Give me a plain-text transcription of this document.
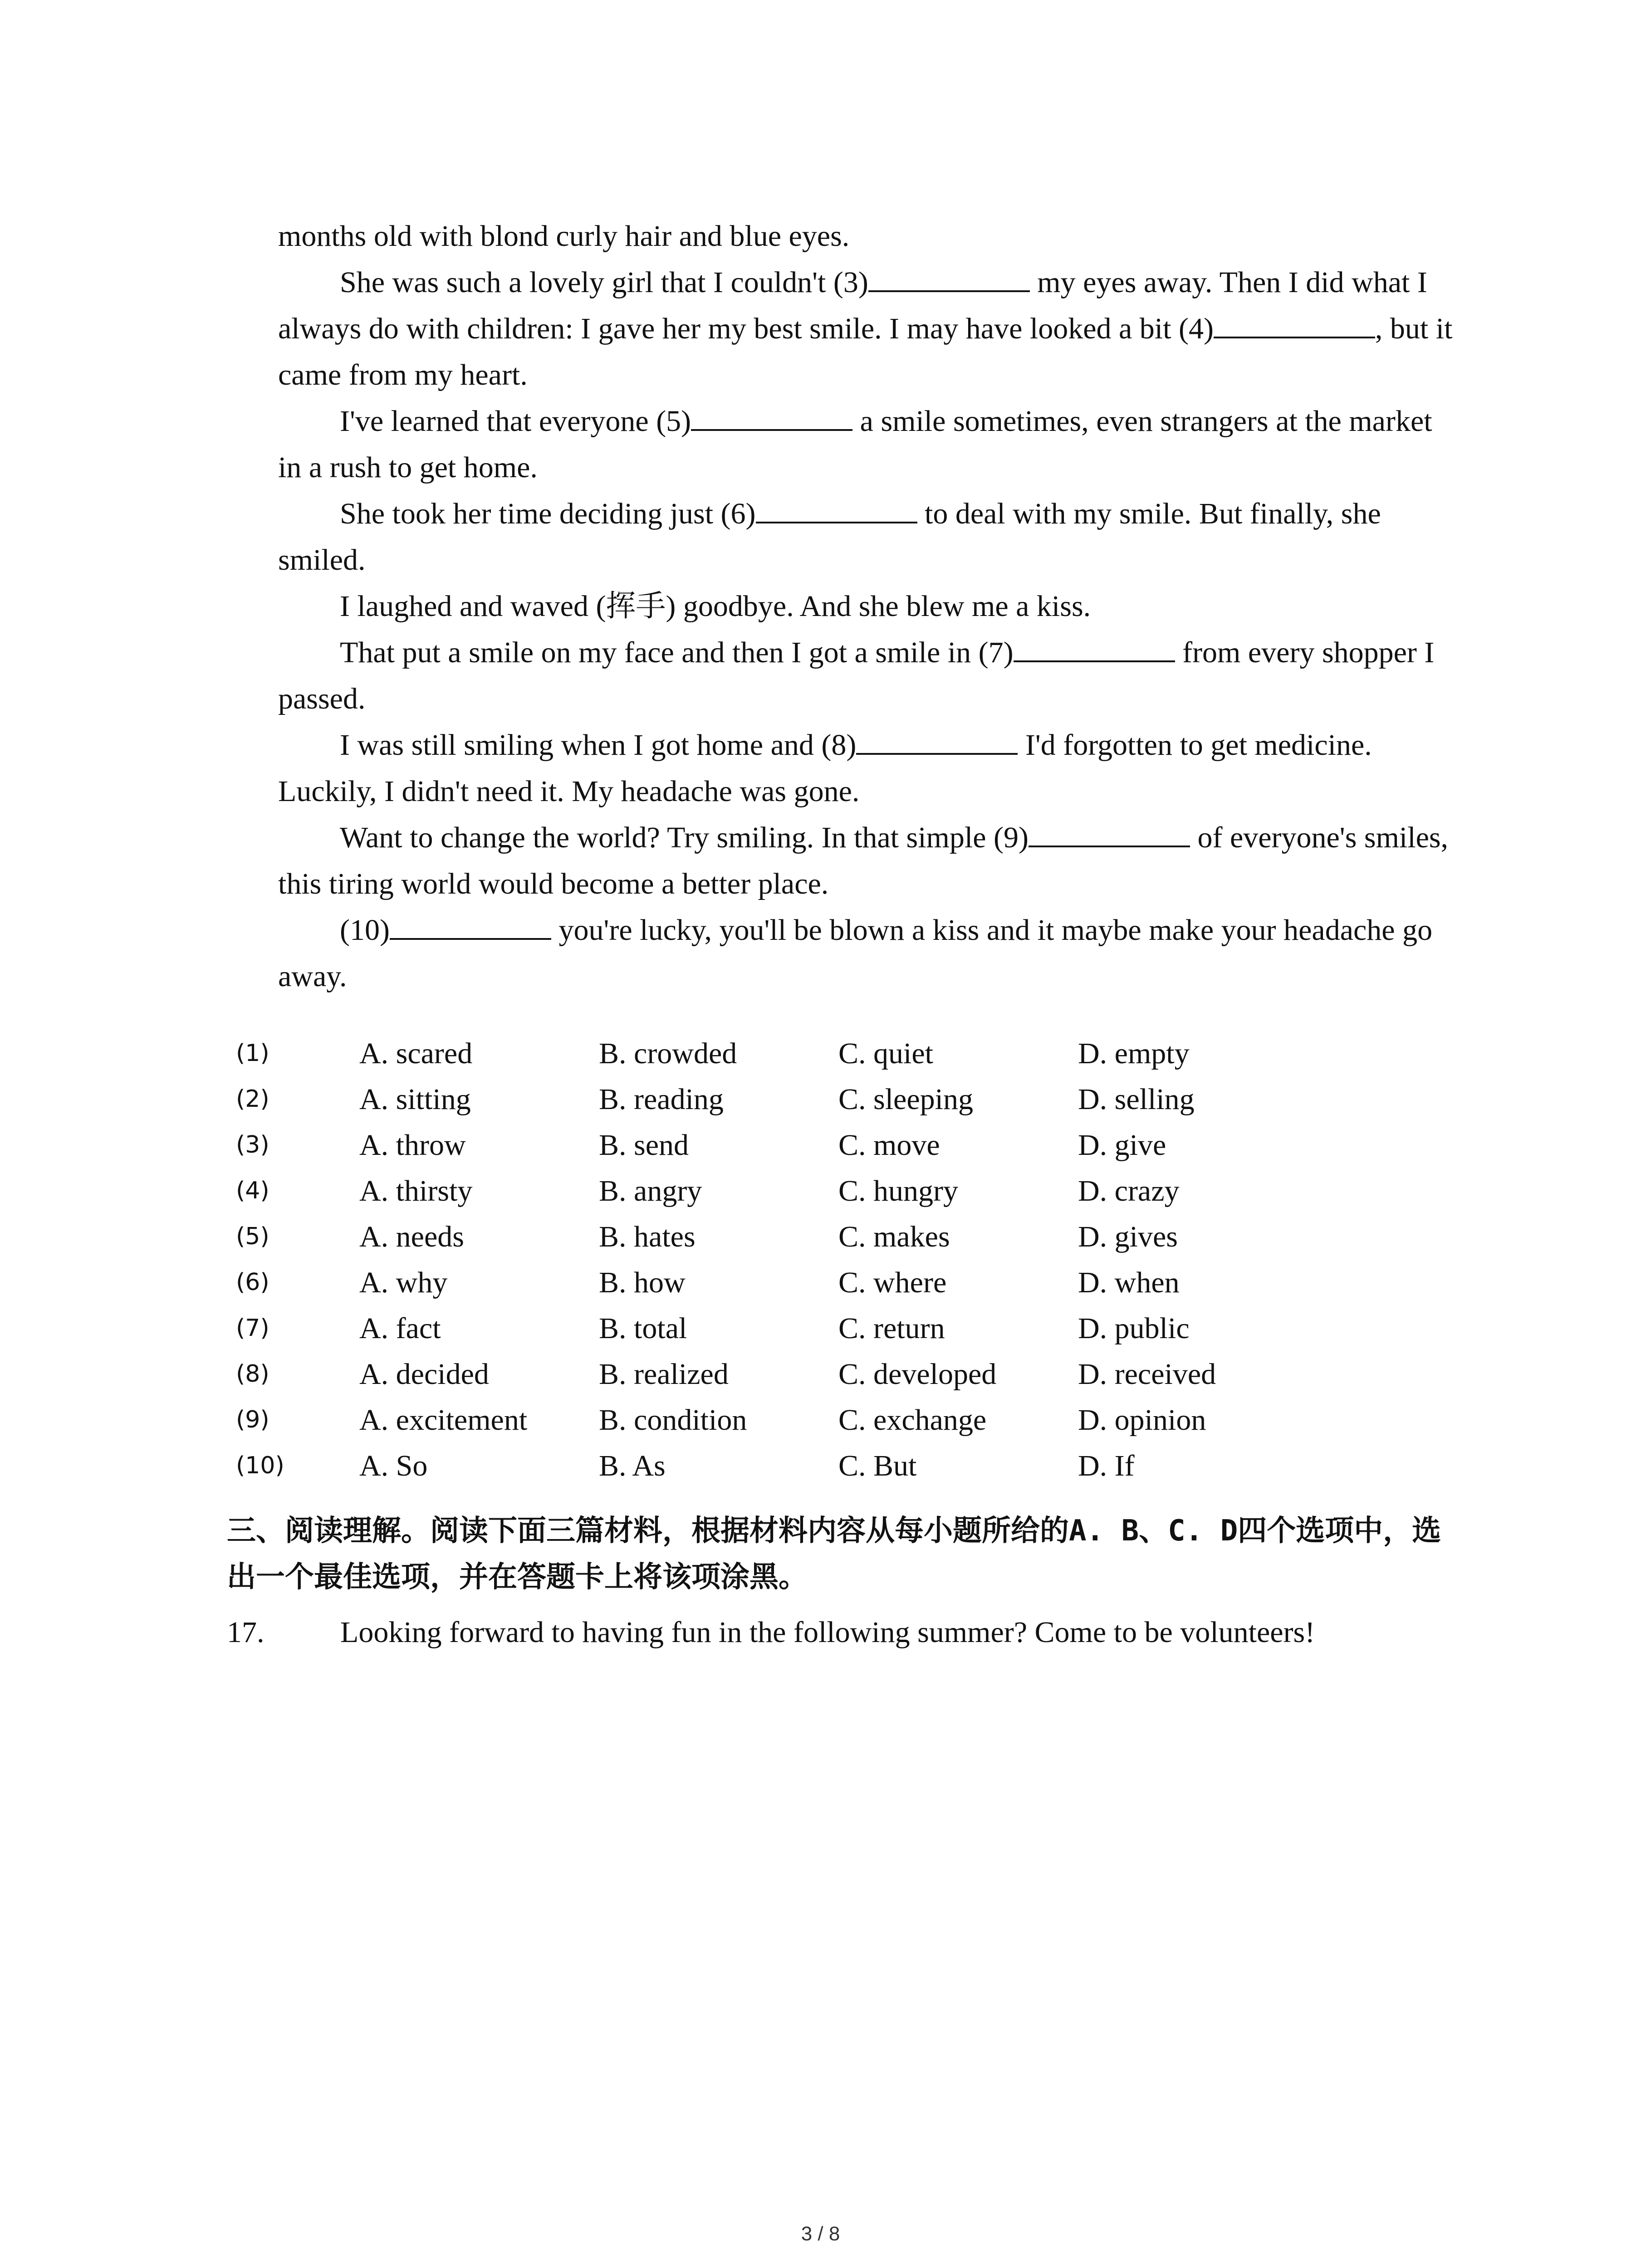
months old with blond curly hair and blue eyes.

She was such a lovely girl that I couldn't (3)	my eyes away. Then I did what I always do with children: I gave her my best smile. I may have looked a bit (4)	, but it came from my heart.

I've learned that everyone (5)	a smile sometimes, even strangers at the market in a rush to get home.

She took her time deciding just (6)	to deal with my smile. But finally, she smiled.

I laughed and waved (挥手) goodbye. And she blew me a kiss.

That put a smile on my face and then I got a smile in (7)	from every shopper I passed.

I was still smiling when I got home and (8)	I'd forgotten to get medicine. Luckily, I didn't need it. My headache was gone.

Want to change the world? Try smiling. In that simple (9)	of everyone's smiles, this tiring world would become a better place.

(10)	you're lucky, you'll be blown a kiss and it maybe make your headache go away.

(1)	A. scared	B. crowded	C. quiet	D. empty
(2)	A. sitting	B. reading	C. sleeping	D. selling
(3)	A. throw	B. send	C. move	D. give
(4)	A. thirsty	B. angry	C. hungry	D. crazy
(5)	A. needs	B. hates	C. makes	D. gives
(6)	A. why	B. how	C. where	D. when
(7)	A. fact	B. total	C. return	D. public
(8)	A. decided	B. realized	C. developed	D. received
(9)	A. excitement B. condition	C. exchange	D. opinion
(10)	A. So	B. As	C. But	D. If
三、阅读理解。阅读下面三篇材料，根据材料内容从每小题所给的A. B、C. D四个选项中，选出一个最佳选项，并在答题卡上将该项涂黑。
17.	Looking forward to having fun in the following summer? Come to be volunteers!
3 / 8
